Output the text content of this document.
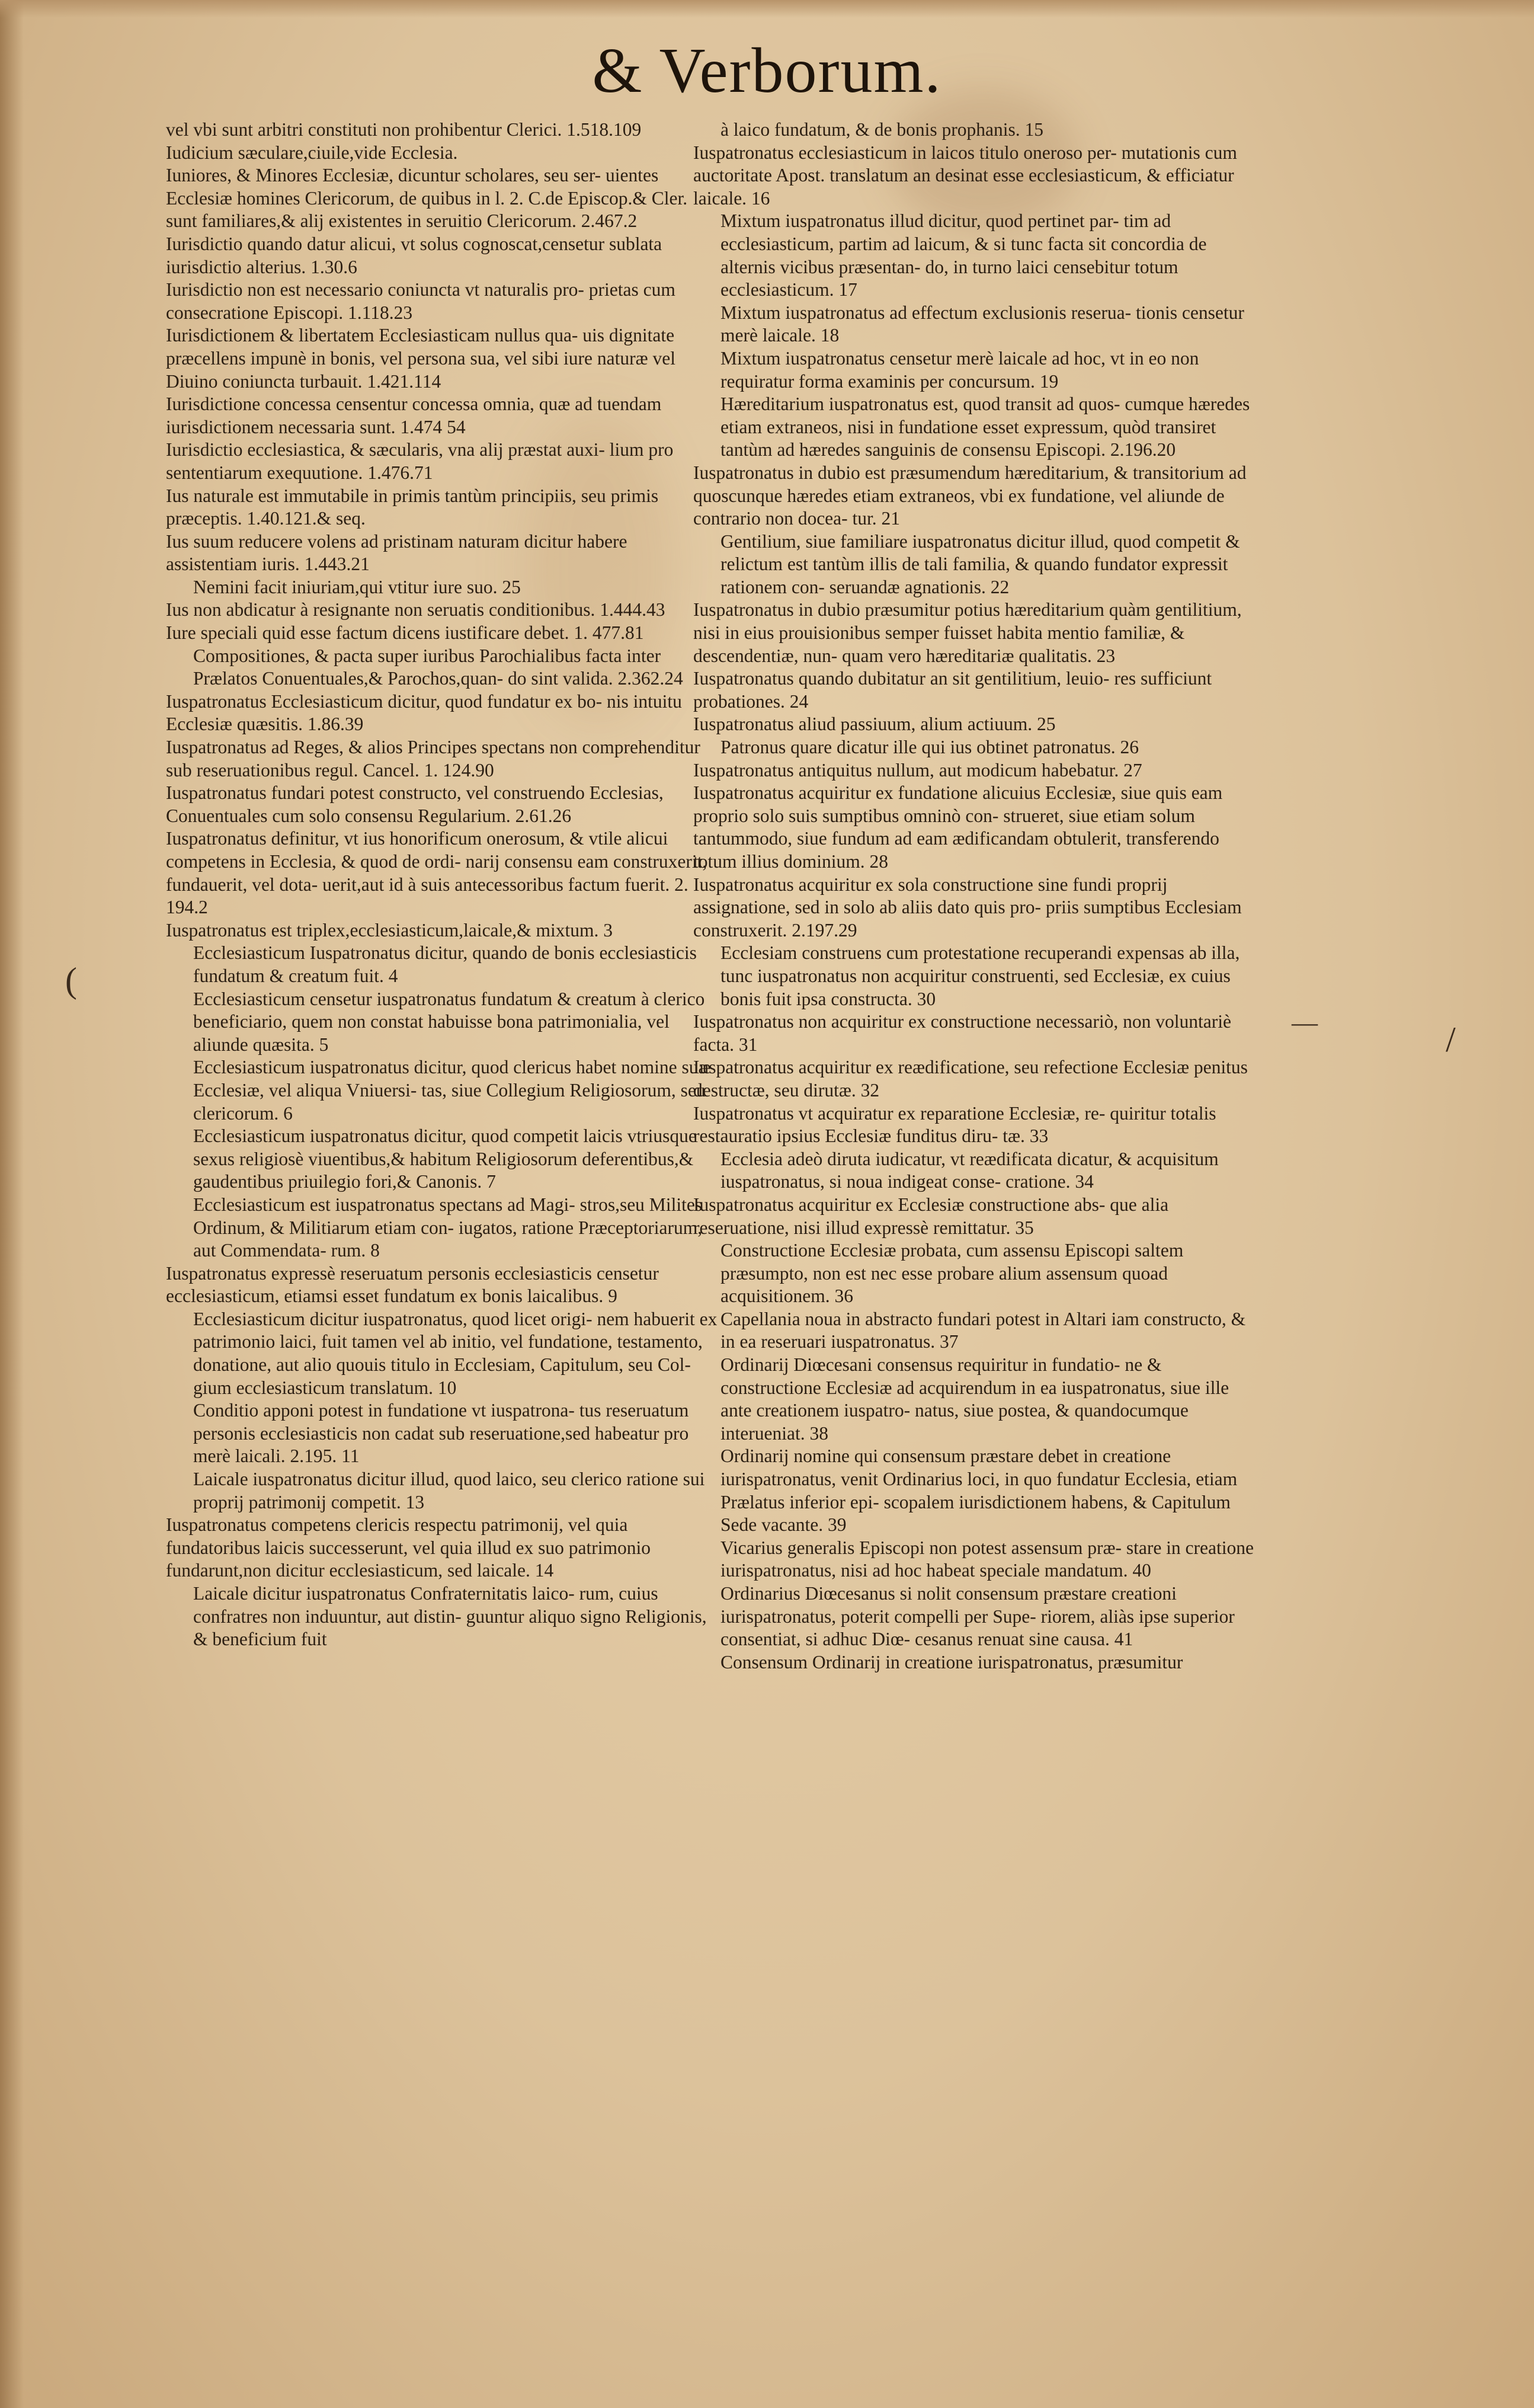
& Verborum.

vel vbi sunt arbitri constituti non prohibentur Clerici. 1.518.109

Iudicium sæculare,ciuile,vide Ecclesia.

Iuniores, & Minores Ecclesiæ, dicuntur scholares, seu ser- uientes Ecclesiæ homines Clericorum, de quibus in l. 2. C.de Episcop.& Cler. sunt familiares,& alij existentes in seruitio Clericorum. 2.467.2

Iurisdictio quando datur alicui, vt solus cognoscat,censetur sublata iurisdictio alterius. 1.30.6

Iurisdictio non est necessario coniuncta vt naturalis pro- prietas cum consecratione Episcopi. 1.118.23

Iurisdictionem & libertatem Ecclesiasticam nullus qua- uis dignitate præcellens impunè in bonis, vel persona sua, vel sibi iure naturæ vel Diuino coniuncta turbauit. 1.421.114

Iurisdictione concessa censentur concessa omnia, quæ ad tuendam iurisdictionem necessaria sunt. 1.474 54

Iurisdictio ecclesiastica, & sæcularis, vna alij præstat auxi- lium pro sententiarum exequutione. 1.476.71

Ius naturale est immutabile in primis tantùm principiis, seu primis præceptis. 1.40.121.& seq.

Ius suum reducere volens ad pristinam naturam dicitur habere assistentiam iuris. 1.443.21

Nemini facit iniuriam,qui vtitur iure suo. 25

Ius non abdicatur à resignante non seruatis conditionibus. 1.444.43

Iure speciali quid esse factum dicens iustificare debet. 1. 477.81

Compositiones, & pacta super iuribus Parochialibus facta inter Prælatos Conuentuales,& Parochos,quan- do sint valida. 2.362.24

Iuspatronatus Ecclesiasticum dicitur, quod fundatur ex bo- nis intuitu Ecclesiæ quæsitis. 1.86.39

Iuspatronatus ad Reges, & alios Principes spectans non comprehenditur sub reseruationibus regul. Cancel. 1. 124.90

Iuspatronatus fundari potest constructo, vel construendo Ecclesias, Conuentuales cum solo consensu Regularium. 2.61.26

Iuspatronatus definitur, vt ius honorificum onerosum, & vtile alicui competens in Ecclesia, & quod de ordi- narij consensu eam construxerit, fundauerit, vel dota- uerit,aut id à suis antecessoribus factum fuerit. 2. 194.2

Iuspatronatus est triplex,ecclesiasticum,laicale,& mixtum. 3

Ecclesiasticum Iuspatronatus dicitur, quando de bonis ecclesiasticis fundatum & creatum fuit. 4

Ecclesiasticum censetur iuspatronatus fundatum & creatum à clerico beneficiario, quem non constat habuisse bona patrimonialia, vel aliunde quæsita. 5

Ecclesiasticum iuspatronatus dicitur, quod clericus habet nomine suæ Ecclesiæ, vel aliqua Vniuersi- tas, siue Collegium Religiosorum, seu clericorum. 6

Ecclesiasticum iuspatronatus dicitur, quod competit laicis vtriusque sexus religiosè viuentibus,& habitum Religiosorum deferentibus,& gaudentibus priuilegio fori,& Canonis. 7

Ecclesiasticum est iuspatronatus spectans ad Magi- stros,seu Milites Ordinum, & Militiarum etiam con- iugatos, ratione Præceptoriarum, aut Commendata- rum. 8

Iuspatronatus expressè reseruatum personis ecclesiasticis censetur ecclesiasticum, etiamsi esset fundatum ex bonis laicalibus. 9

Ecclesiasticum dicitur iuspatronatus, quod licet origi- nem habuerit ex patrimonio laici, fuit tamen vel ab initio, vel fundatione, testamento, donatione, aut alio quouis titulo in Ecclesiam, Capitulum, seu Col- gium ecclesiasticum translatum. 10

Conditio apponi potest in fundatione vt iuspatrona- tus reseruatum personis ecclesiasticis non cadat sub reseruatione,sed habeatur pro merè laicali. 2.195. 11

Laicale iuspatronatus dicitur illud, quod laico, seu clerico ratione sui proprij patrimonij competit. 13

Iuspatronatus competens clericis respectu patrimonij, vel quia fundatoribus laicis successerunt, vel quia illud ex suo patrimonio fundarunt,non dicitur ecclesiasticum, sed laicale. 14

Laicale dicitur iuspatronatus Confraternitatis laico- rum, cuius confratres non induuntur, aut distin- guuntur aliquo signo Religionis, & beneficium fuit

à laico fundatum, & de bonis prophanis. 15

Iuspatronatus ecclesiasticum in laicos titulo oneroso per- mutationis cum auctoritate Apost. translatum an desinat esse ecclesiasticum, & efficiatur laicale. 16

Mixtum iuspatronatus illud dicitur, quod pertinet par- tim ad ecclesiasticum, partim ad laicum, & si tunc facta sit concordia de alternis vicibus præsentan- do, in turno laici censebitur totum ecclesiasticum. 17

Mixtum iuspatronatus ad effectum exclusionis reserua- tionis censetur merè laicale. 18

Mixtum iuspatronatus censetur merè laicale ad hoc, vt in eo non requiratur forma examinis per concursum. 19

Hæreditarium iuspatronatus est, quod transit ad quos- cumque hæredes etiam extraneos, nisi in fundatione esset expressum, quòd transiret tantùm ad hæredes sanguinis de consensu Episcopi. 2.196.20

Iuspatronatus in dubio est præsumendum hæreditarium, & transitorium ad quoscunque hæredes etiam extraneos, vbi ex fundatione, vel aliunde de contrario non docea- tur. 21

Gentilium, siue familiare iuspatronatus dicitur illud, quod competit & relictum est tantùm illis de tali familia, & quando fundator expressit rationem con- seruandæ agnationis. 22

Iuspatronatus in dubio præsumitur potius hæreditarium quàm gentilitium, nisi in eius prouisionibus semper fuisset habita mentio familiæ, & descendentiæ, nun- quam vero hæreditariæ qualitatis. 23

Iuspatronatus quando dubitatur an sit gentilitium, leuio- res sufficiunt probationes. 24

Iuspatronatus aliud passiuum, alium actiuum. 25

Patronus quare dicatur ille qui ius obtinet patronatus. 26

Iuspatronatus antiquitus nullum, aut modicum habebatur. 27

Iuspatronatus acquiritur ex fundatione alicuius Ecclesiæ, siue quis eam proprio solo suis sumptibus omninò con- strueret, siue etiam solum tantummodo, siue fundum ad eam ædificandam obtulerit, transferendo totum illius dominium. 28

Iuspatronatus acquiritur ex sola constructione sine fundi proprij assignatione, sed in solo ab aliis dato quis pro- priis sumptibus Ecclesiam construxerit. 2.197.29

Ecclesiam construens cum protestatione recuperandi expensas ab illa, tunc iuspatronatus non acquiritur construenti, sed Ecclesiæ, ex cuius bonis fuit ipsa constructa. 30

Iuspatronatus non acquiritur ex constructione necessariò, non voluntariè facta. 31

Iuspatronatus acquiritur ex reædificatione, seu refectione Ecclesiæ penitus destructæ, seu dirutæ. 32

Iuspatronatus vt acquiratur ex reparatione Ecclesiæ, re- quiritur totalis restauratio ipsius Ecclesiæ funditus diru- tæ. 33

Ecclesia adeò diruta iudicatur, vt reædificata dicatur, & acquisitum iuspatronatus, si noua indigeat conse- cratione. 34

Iuspatronatus acquiritur ex Ecclesiæ constructione abs- que alia reseruatione, nisi illud expressè remittatur. 35

Constructione Ecclesiæ probata, cum assensu Episcopi saltem præsumpto, non est nec esse probare alium assensum quoad acquisitionem. 36

Capellania noua in abstracto fundari potest in Altari iam constructo, & in ea reseruari iuspatronatus. 37

Ordinarij Diœcesani consensus requiritur in fundatio- ne & constructione Ecclesiæ ad acquirendum in ea iuspatronatus, siue ille ante creationem iuspatro- natus, siue postea, & quandocumque interueniat. 38

Ordinarij nomine qui consensum præstare debet in creatione iurispatronatus, venit Ordinarius loci, in quo fundatur Ecclesia, etiam Prælatus inferior epi- scopalem iurisdictionem habens, & Capitulum Sede vacante. 39

Vicarius generalis Episcopi non potest assensum præ- stare in creatione iurispatronatus, nisi ad hoc habeat speciale mandatum. 40

Ordinarius Diœcesanus si nolit consensum præstare creationi iurispatronatus, poterit compelli per Supe- riorem, aliàs ipse superior consentiat, si adhuc Diœ- cesanus renuat sine causa. 41

Consensum Ordinarij in creatione iurispatronatus, præsumitur

/
—
(
